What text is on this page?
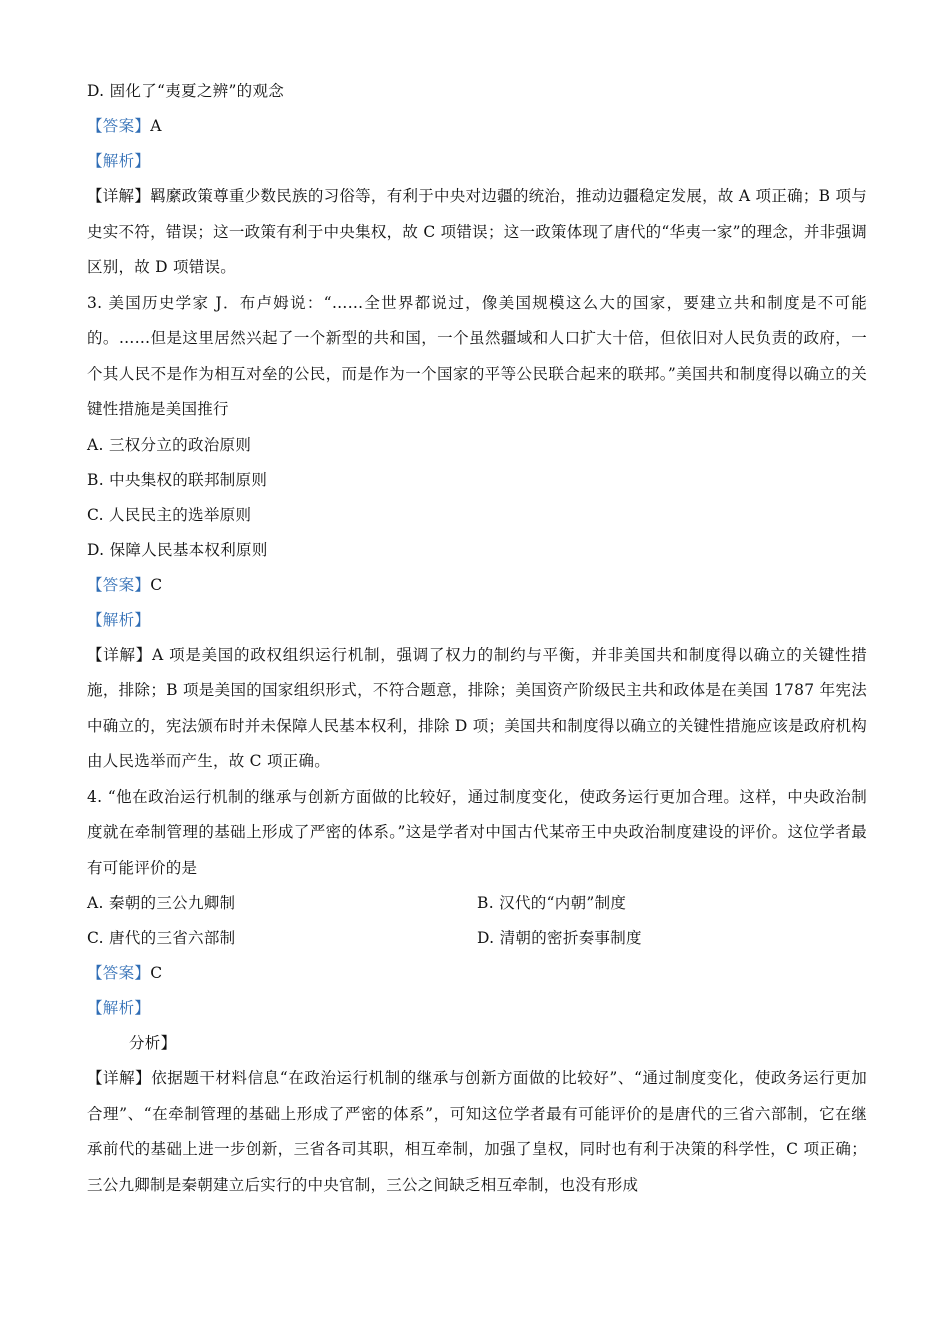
D. 固化了“夷夏之辨”的观念
【答案】A
【解析】
【详解】羁縻政策尊重少数民族的习俗等，有利于中央对边疆的统治，推动边疆稳定发展，故 A 项正确；B 项与史实不符，错误；这一政策有利于中央集权，故 C 项错误；这一政策体现了唐代的“华夷一家”的理念，并非强调区别，故 D 项错误。
3. 美国历史学家 J．布卢姆说：“……全世界都说过，像美国规模这么大的国家，要建立共和制度是不可能的。……但是这里居然兴起了一个新型的共和国，一个虽然疆域和人口扩大十倍，但依旧对人民负责的政府，一个其人民不是作为相互对垒的公民，而是作为一个国家的平等公民联合起来的联邦。”美国共和制度得以确立的关键性措施是美国推行
A. 三权分立的政治原则
B. 中央集权的联邦制原则
C. 人民民主的选举原则
D. 保障人民基本权利原则
【答案】C
【解析】
【详解】A 项是美国的政权组织运行机制，强调了权力的制约与平衡，并非美国共和制度得以确立的关键性措施，排除；B 项是美国的国家组织形式，不符合题意，排除；美国资产阶级民主共和政体是在美国 1787 年宪法中确立的，宪法颁布时并未保障人民基本权利，排除 D 项；美国共和制度得以确立的关键性措施应该是政府机构由人民选举而产生，故 C 项正确。
4. “他在政治运行机制的继承与创新方面做的比较好，通过制度变化，使政务运行更加合理。这样，中央政治制度就在牵制管理的基础上形成了严密的体系。”这是学者对中国古代某帝王中央政治制度建设的评价。这位学者最有可能评价的是
A. 秦朝的三公九卿制	B. 汉代的“内朝”制度
C. 唐代的三省六部制	D. 清朝的密折奏事制度
【答案】C
【解析】
分析】
【详解】依据题干材料信息“在政治运行机制的继承与创新方面做的比较好”、“通过制度变化，使政务运行更加合理”、“在牵制管理的基础上形成了严密的体系”，可知这位学者最有可能评价的是唐代的三省六部制，它在继承前代的基础上进一步创新，三省各司其职，相互牵制，加强了皇权，同时也有利于决策的科学性，C 项正确；三公九卿制是秦朝建立后实行的中央官制，三公之间缺乏相互牵制，也没有形成
